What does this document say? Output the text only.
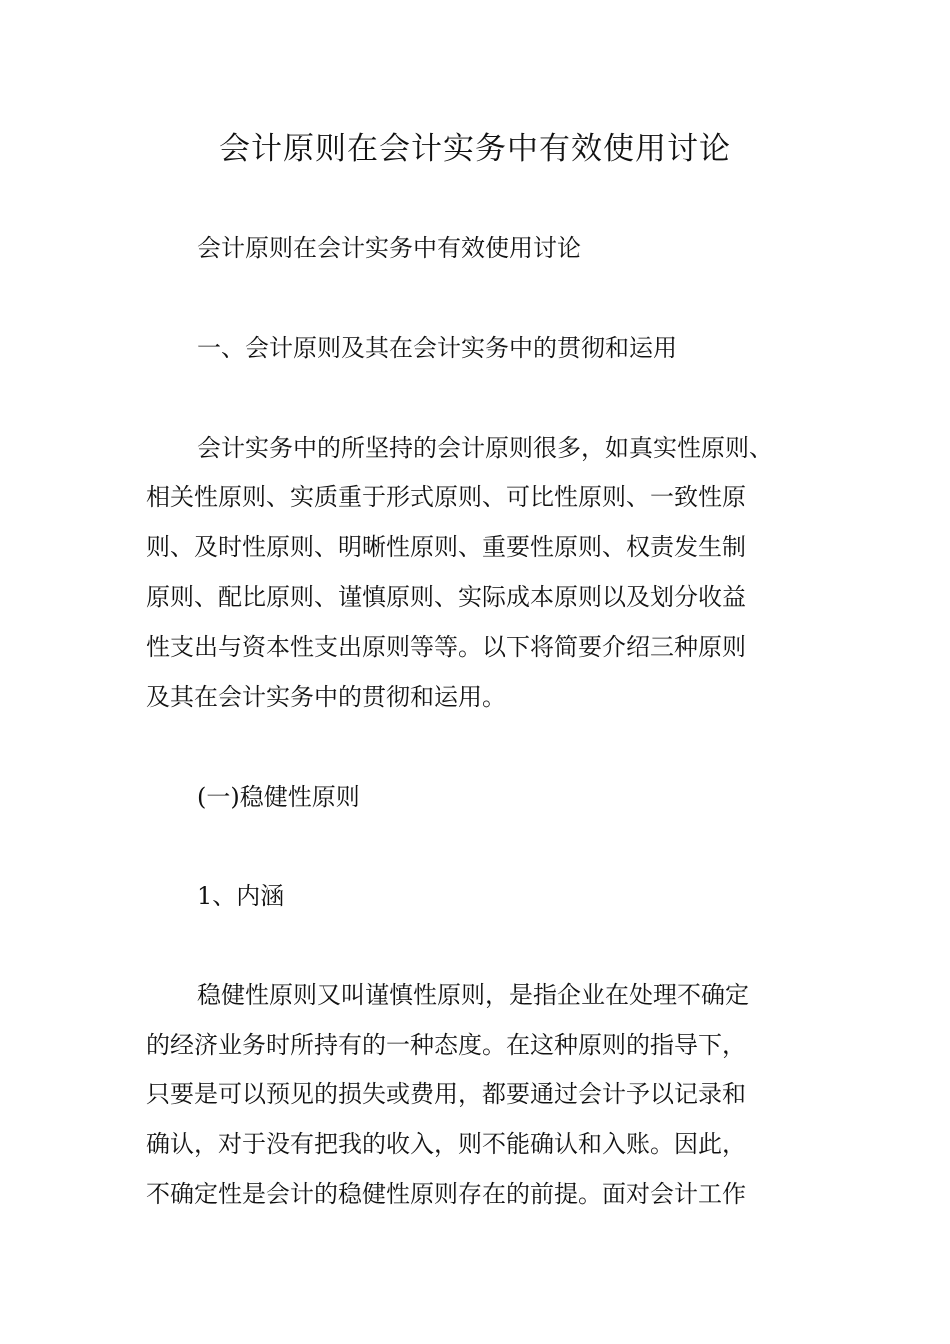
会计原则在会计实务中有效使用讨论

会计原则在会计实务中有效使用讨论

一、会计原则及其在会计实务中的贯彻和运用

会计实务中的所坚持的会计原则很多，如真实性原则、

相关性原则、实质重于形式原则、可比性原则、一致性原

则、及时性原则、明晰性原则、重要性原则、权责发生制

原则、配比原则、谨慎原则、实际成本原则以及划分收益

性支出与资本性支出原则等等。以下将简要介绍三种原则

及其在会计实务中的贯彻和运用。

(一)稳健性原则

1、内涵

稳健性原则又叫谨慎性原则，是指企业在处理不确定

的经济业务时所持有的一种态度。在这种原则的指导下，

只要是可以预见的损失或费用，都要通过会计予以记录和

确认，对于没有把我的收入，则不能确认和入账。因此，

不确定性是会计的稳健性原则存在的前提。面对会计工作
